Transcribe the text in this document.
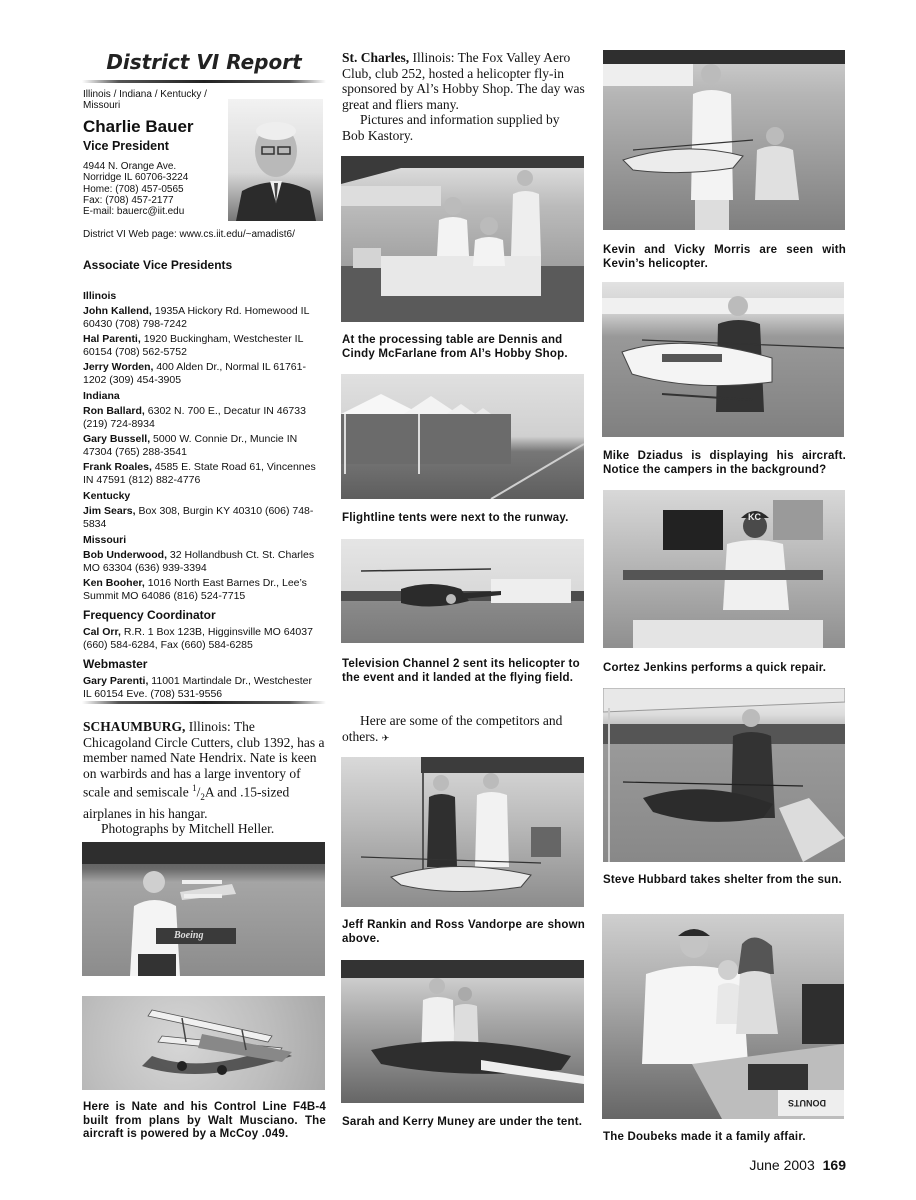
District VI Report
Illinois / Indiana / Kentucky / Missouri
Charlie Bauer
Vice President
4944 N. Orange Ave.
Norridge IL 60706-3224
Home: (708) 457-0565
Fax: (708) 457-2177
E-mail: bauerc@iit.edu
District VI Web page: www.cs.iit.edu/~amadist6/
Associate Vice Presidents
Illinois
John Kallend, 1935A Hickory Rd. Homewood IL 60430 (708) 798-7242
Hal Parenti, 1920 Buckingham, Westchester IL 60154 (708) 562-5752
Jerry Worden, 400 Alden Dr., Normal IL 61761-1202 (309) 454-3905
Indiana
Ron Ballard, 6302 N. 700 E., Decatur IN 46733 (219) 724-8934
Gary Bussell, 5000 W. Connie Dr., Muncie IN 47304 (765) 288-3541
Frank Roales, 4585 E. State Road 61, Vincennes IN 47591 (812) 882-4776
Kentucky
Jim Sears, Box 308, Burgin KY 40310 (606) 748-5834
Missouri
Bob Underwood, 32 Hollandbush Ct. St. Charles MO 63304 (636) 939-3394
Ken Booher, 1016 North East Barnes Dr., Lee’s Summit MO 64086 (816) 524-7715
Frequency Coordinator
Cal Orr, R.R. 1 Box 123B, Higginsville MO 64037 (660) 584-6284, Fax (660) 584-6285
Webmaster
Gary Parenti, 11001 Martindale Dr., Westchester IL 60154 Eve. (708) 531-9556

SCHAUMBURG, Illinois: The Chicagoland Circle Cutters, club 1392, has a member named Nate Hendrix. Nate is keen on warbirds and has a large inventory of scale and semiscale $^1/_2A$ and .15-sized airplanes in his hangar.

Photographs by Mitchell Heller.

Boeing
Here is Nate and his Control Line F4B-4 built from plans by Walt Musciano. The aircraft is powered by a McCoy .049.

St. Charles, Illinois: The Fox Valley Aero Club, club 252, hosted a helicopter fly-in sponsored by Al’s Hobby Shop. The day was great and fliers many.

Pictures and information supplied by Bob Kastory.

At the processing table are Dennis and Cindy McFarlane from Al’s Hobby Shop.
Flightline tents were next to the runway.
Television Channel 2 sent its helicopter to the event and it landed at the flying field.

Here are some of the competitors and others. ✈

Jeff Rankin and Ross Vandorpe are shown above.
Sarah and Kerry Muney are under the tent.
Kevin and Vicky Morris are seen with Kevin’s helicopter.
Mike Dziadus is displaying his aircraft. Notice the campers in the background?
KC
Cortez Jenkins performs a quick repair.
Steve Hubbard takes shelter from the sun.
DONUTS
The Doubeks made it a family affair.
June 2003 169
